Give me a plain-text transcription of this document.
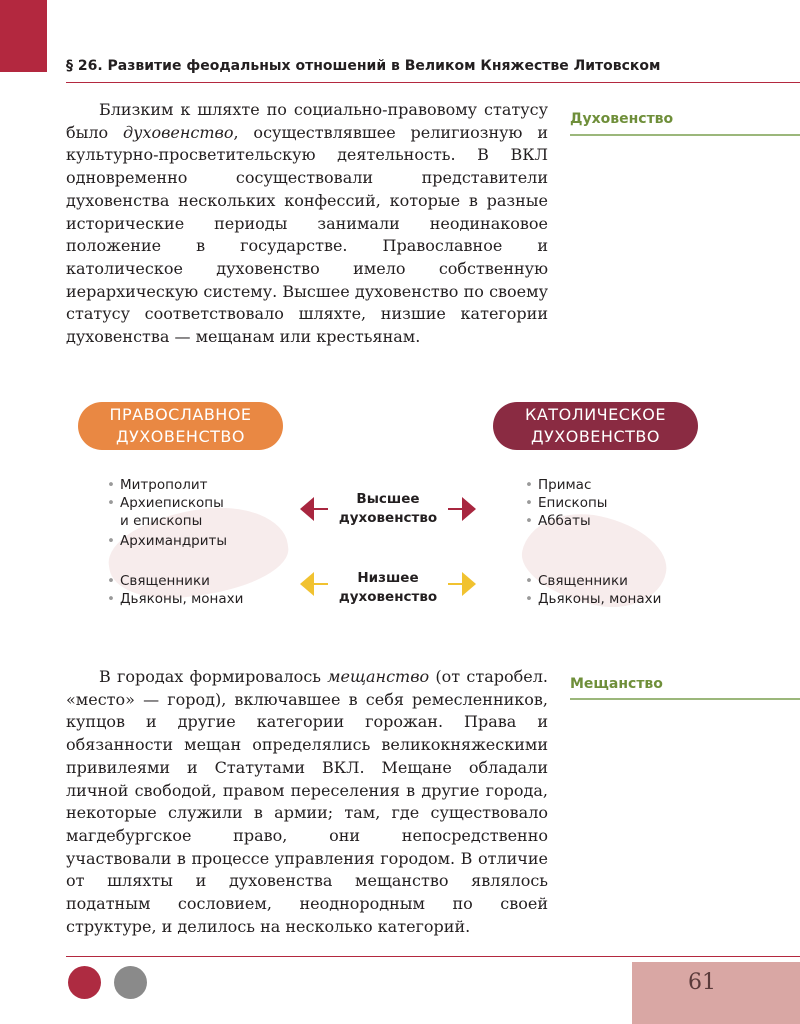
§ 26. Развитие феодальных отношений в Великом Княжестве Литовском

Близким к шляхте по социально-правовому статусу было духовенство, осуществлявшее религиозную и культурно-просветительскую деятельность. В ВКЛ одновременно сосуществовали представители духовенства нескольких конфессий, которые в разные исторические периоды занимали неодинаковое положение в государстве. Православное и католическое духовенство имело собственную иерархическую систему. Высшее духовенство по своему статусу соответствовало шляхте, низшие категории духовенства — мещанам или крестьянам.

Духовенство
ПРАВОСЛАВНОЕ
ДУХОВЕНСТВО
КАТОЛИЧЕСКОЕ
ДУХОВЕНСТВО
• Митрополит
• Архиепископы
и епископы
• Архимандриты
• Священники
• Дьяконы, монахи
• Примас
• Епископы
• Аббаты
• Священники
• Дьяконы, монахи
Высшее
духовенство
Низшее
духовенство

В городах формировалось мещанство (от старобел. «место» — город), включавшее в себя ремесленников, купцов и другие категории горожан. Права и обязанности мещан определялись великокняжескими привилеями и Статутами ВКЛ. Мещане обладали личной свободой, правом переселения в другие города, некоторые служили в армии; там, где существовало магдебургское право, они непосредственно участвовали в процессе управления городом. В отличие от шляхты и духовенства мещанство являлось податным сословием, неоднородным по своей структуре, и делилось на несколько категорий.

Мещанство
61
